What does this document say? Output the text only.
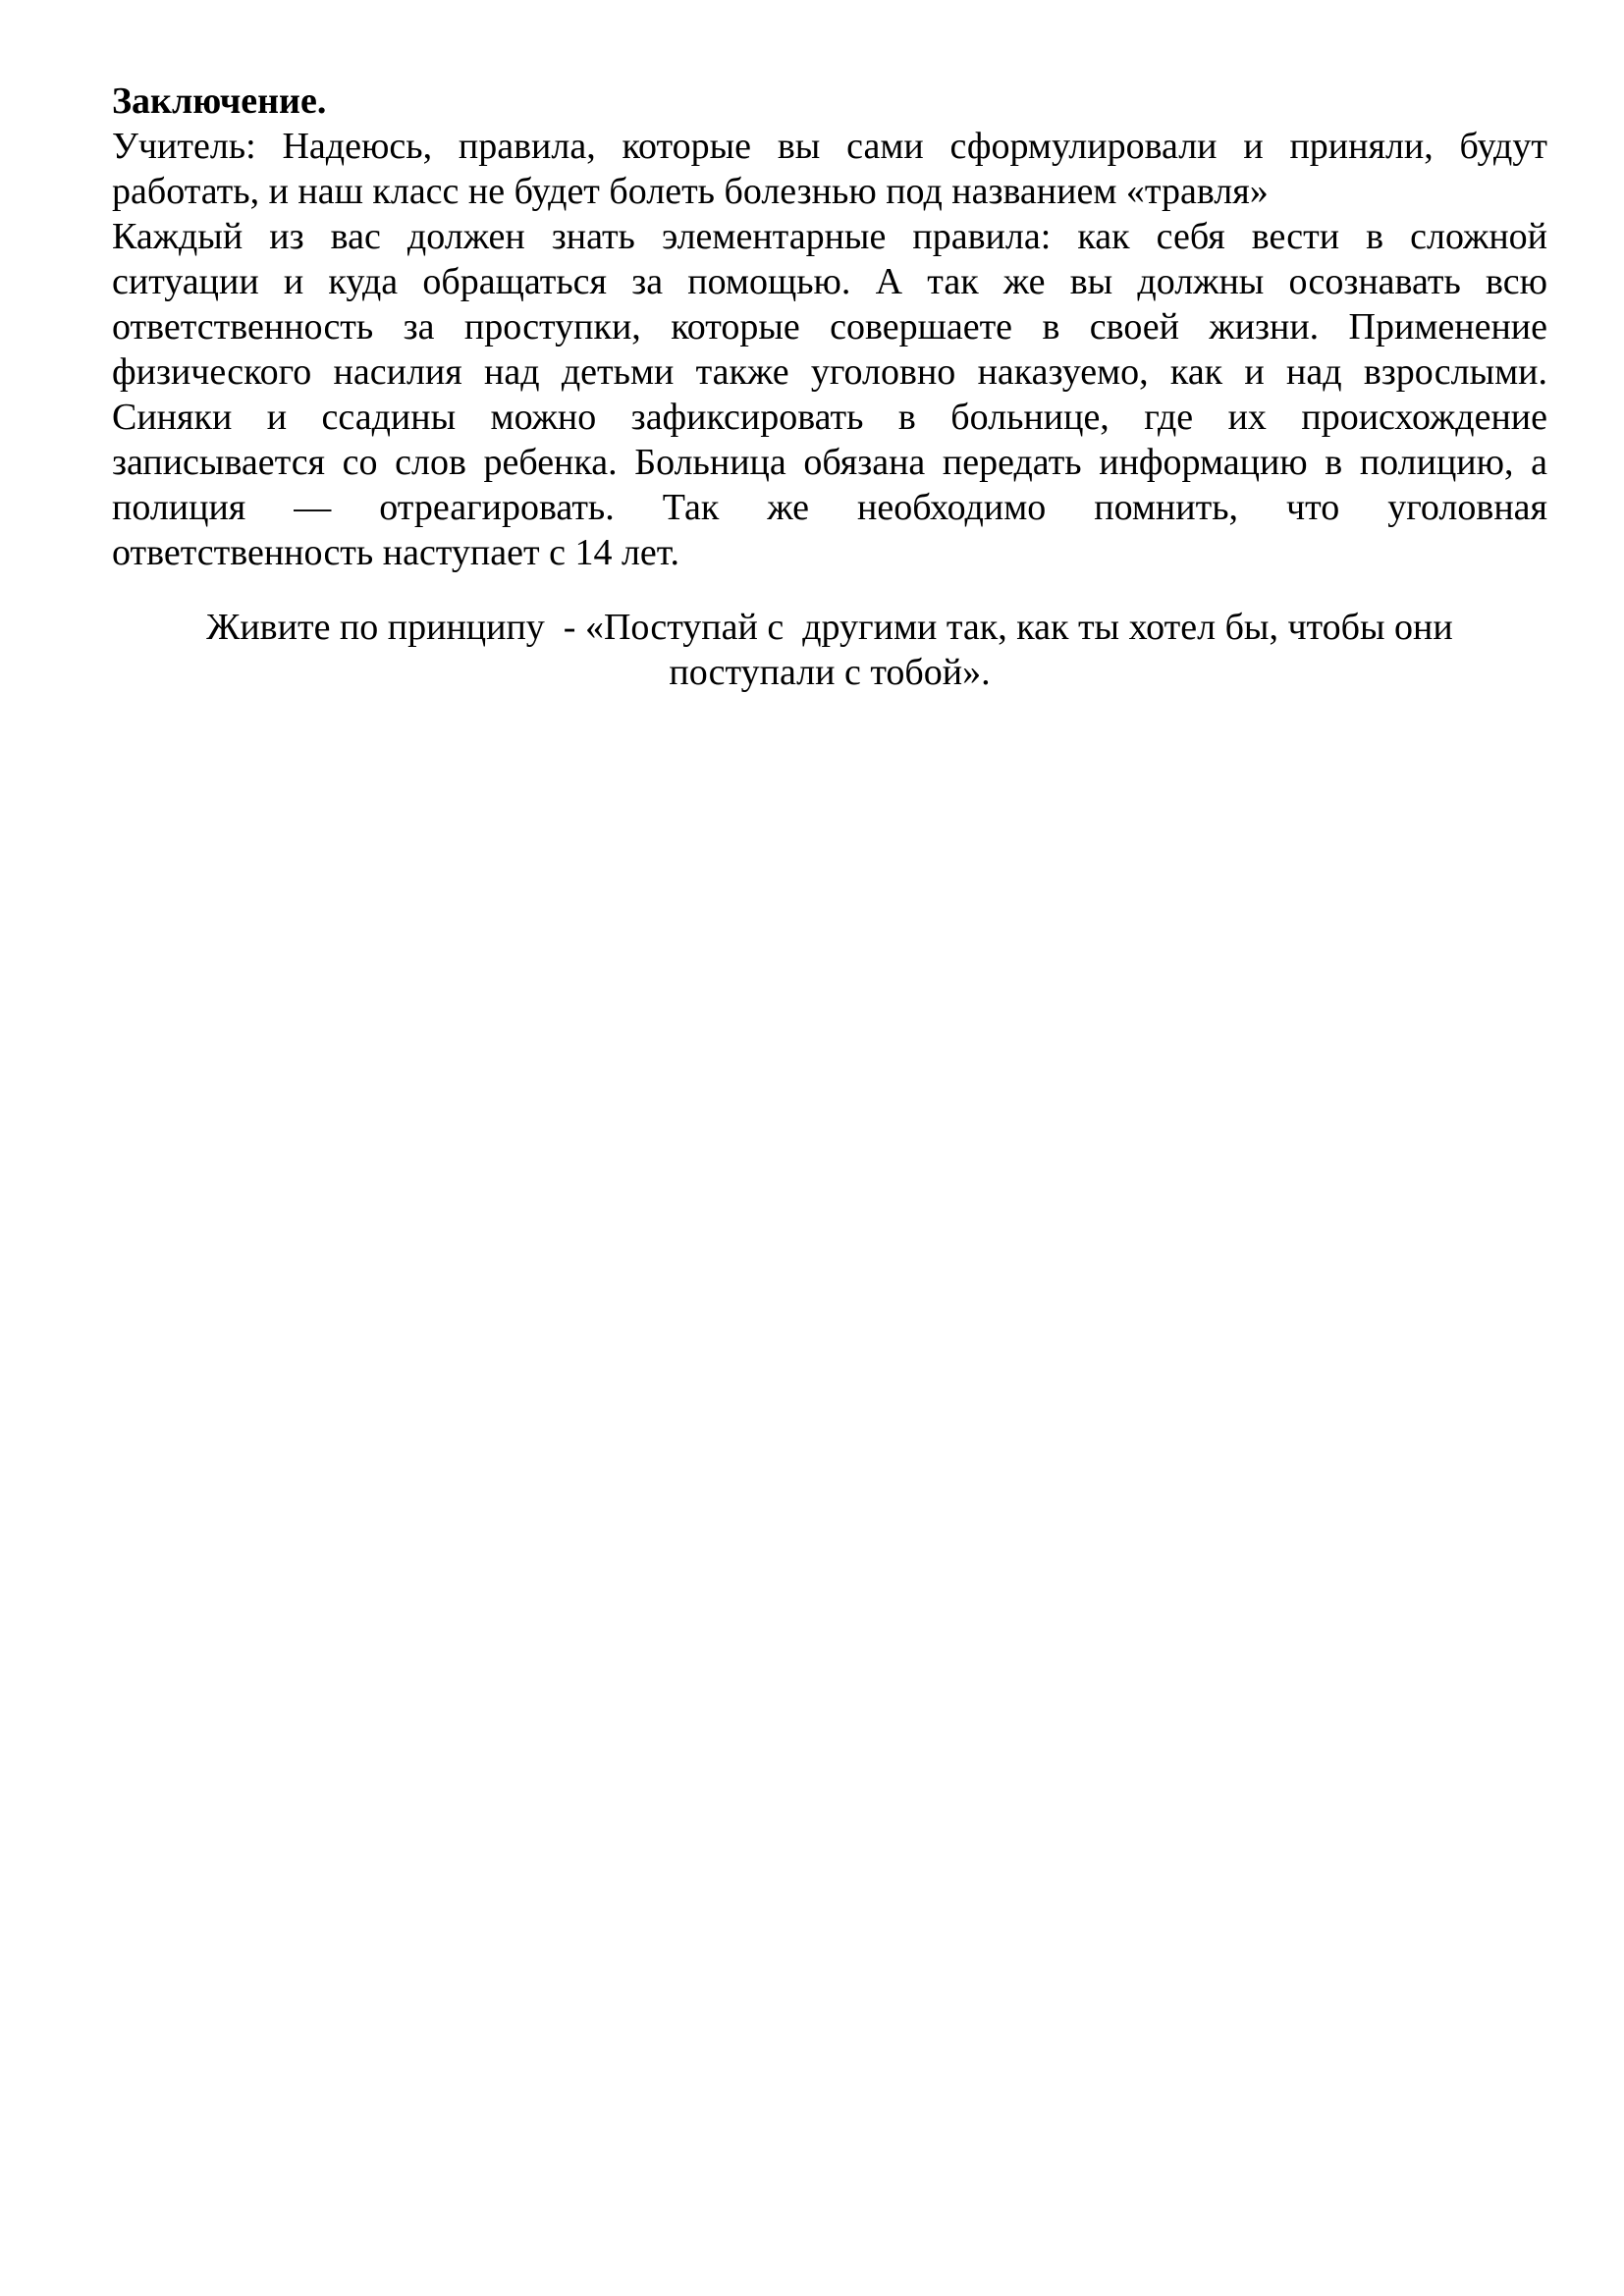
Заключение.
Учитель: Надеюсь, правила, которые вы сами сформулировали и приняли, будут
работать, и наш класс не будет болеть болезнью под названием «травля»
Каждый из вас должен знать элементарные правила: как себя вести в сложной
ситуации и куда обращаться за помощью. А так же вы должны осознавать всю
ответственность за проступки, которые совершаете в своей жизни. Применение
физического насилия над детьми также уголовно наказуемо, как и над взрослыми.
Синяки и ссадины можно зафиксировать в больнице, где их происхождение
записывается со слов ребенка. Больница обязана передать информацию в полицию, а
полиция — отреагировать. Так же необходимо помнить, что уголовная
ответственность наступает с 14 лет.
Живите по принципу  - «Поступай с  другими так, как ты хотел бы, чтобы они
поступали с тобой».
